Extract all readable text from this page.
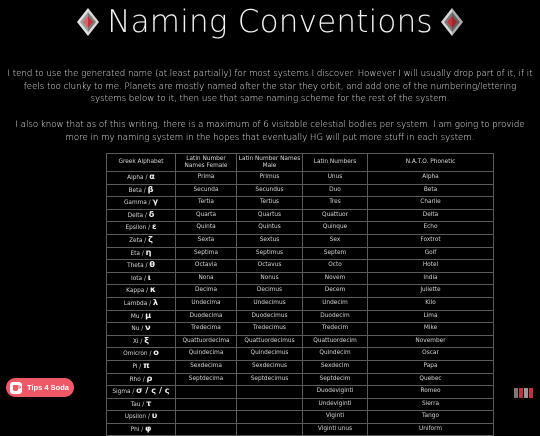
Naming Conventions
I tend to use the generated name (at least partially) for most systems I discover. However I will usually drop part of it, if it feels too clunky to me. Planets are mostly named after the star they orbit, and add one of the numbering/lettering systems below to it, then use that same naming scheme for the rest of the system.
I also know that as of this writing, there is a maximum of 6 visitable celestial bodies per system. I am going to provide more in my naming system in the hopes that eventually HG will put more stuff in each system.
Greek Alphabet	Latin Number Names Female	Latin Number Names Male	Latin Numbers	N.A.T.O. Phonetic
Alpha / α	Prima	Primus	Unus	Alpha
Beta / β	Secunda	Secundus	Duo	Beta
Gamma / γ	Tertia	Tertius	Tres	Charlie
Delta / δ	Quarta	Quartus	Quattuor	Delta
Epsilon / ε	Quinta	Quintus	Quinque	Echo
Zeta / ζ	Sexta	Sextus	Sex	Foxtrot
Eta / η	Septima	Septimus	Septem	Golf
Theta / θ	Octavia	Octavus	Octo	Hotel
Iota / ι	Nona	Nonus	Novem	India
Kappa / κ	Decima	Decimus	Decem	Juliette
Lambda / λ	Undecima	Undecimus	Undecim	Kilo
Mu / μ	Duodecima	Duodecimus	Duodecim	Lima
Nu / ν	Tredecima	Tredecimus	Tredecim	Mike
Xi / ξ	Quattuordecima	Quattuordecimus	Quattuordecim	November
Omicron / ο	Quindecima	Quindecimus	Quindecim	Oscar
Pi / π	Sexdecima	Sexdecimus	Sexdecim	Papa
Rho / ρ	Septdecima	Septdecimus	Septdecim	Quebec
Sigma / σ / ς / ς			Duodeviginti	Romeo
Tau / τ			Undeviginti	Sierra
Upsilon / υ			Viginti	Tango
Phi / φ			Viginti unus	Uniform
Tips 4 Soda
